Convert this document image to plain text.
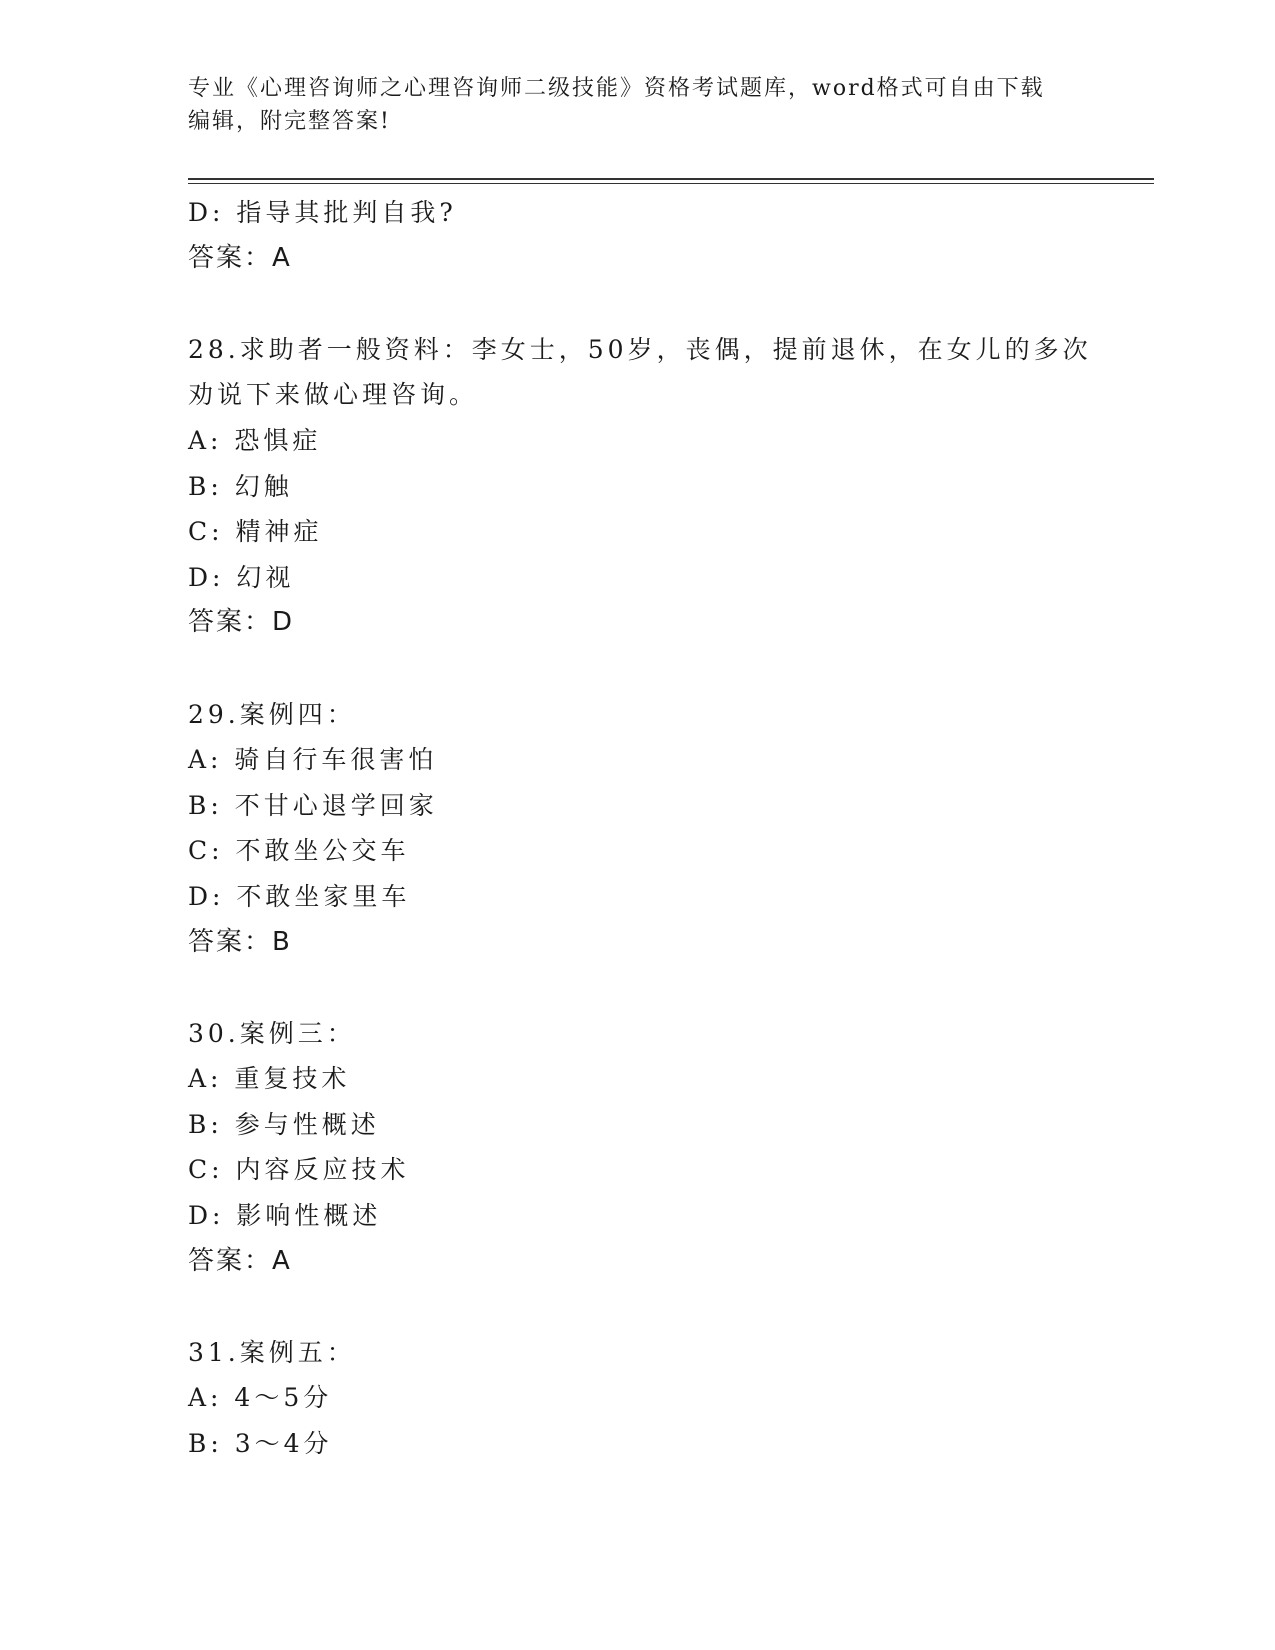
专业《心理咨询师之心理咨询师二级技能》资格考试题库，word格式可自由下载
编辑，附完整答案!
D: 指导其批判自我?
答案：A
28.求助者一般资料：李女士，50岁，丧偶，提前退休，在女儿的多次
劝说下来做心理咨询。
A: 恐惧症
B: 幻触
C: 精神症
D: 幻视
答案：D
29.案例四：
A: 骑自行车很害怕
B: 不甘心退学回家
C: 不敢坐公交车
D: 不敢坐家里车
答案：B
30.案例三：
A: 重复技术
B: 参与性概述
C: 内容反应技术
D: 影响性概述
答案：A
31.案例五：
A: 4～5分
B: 3～4分
